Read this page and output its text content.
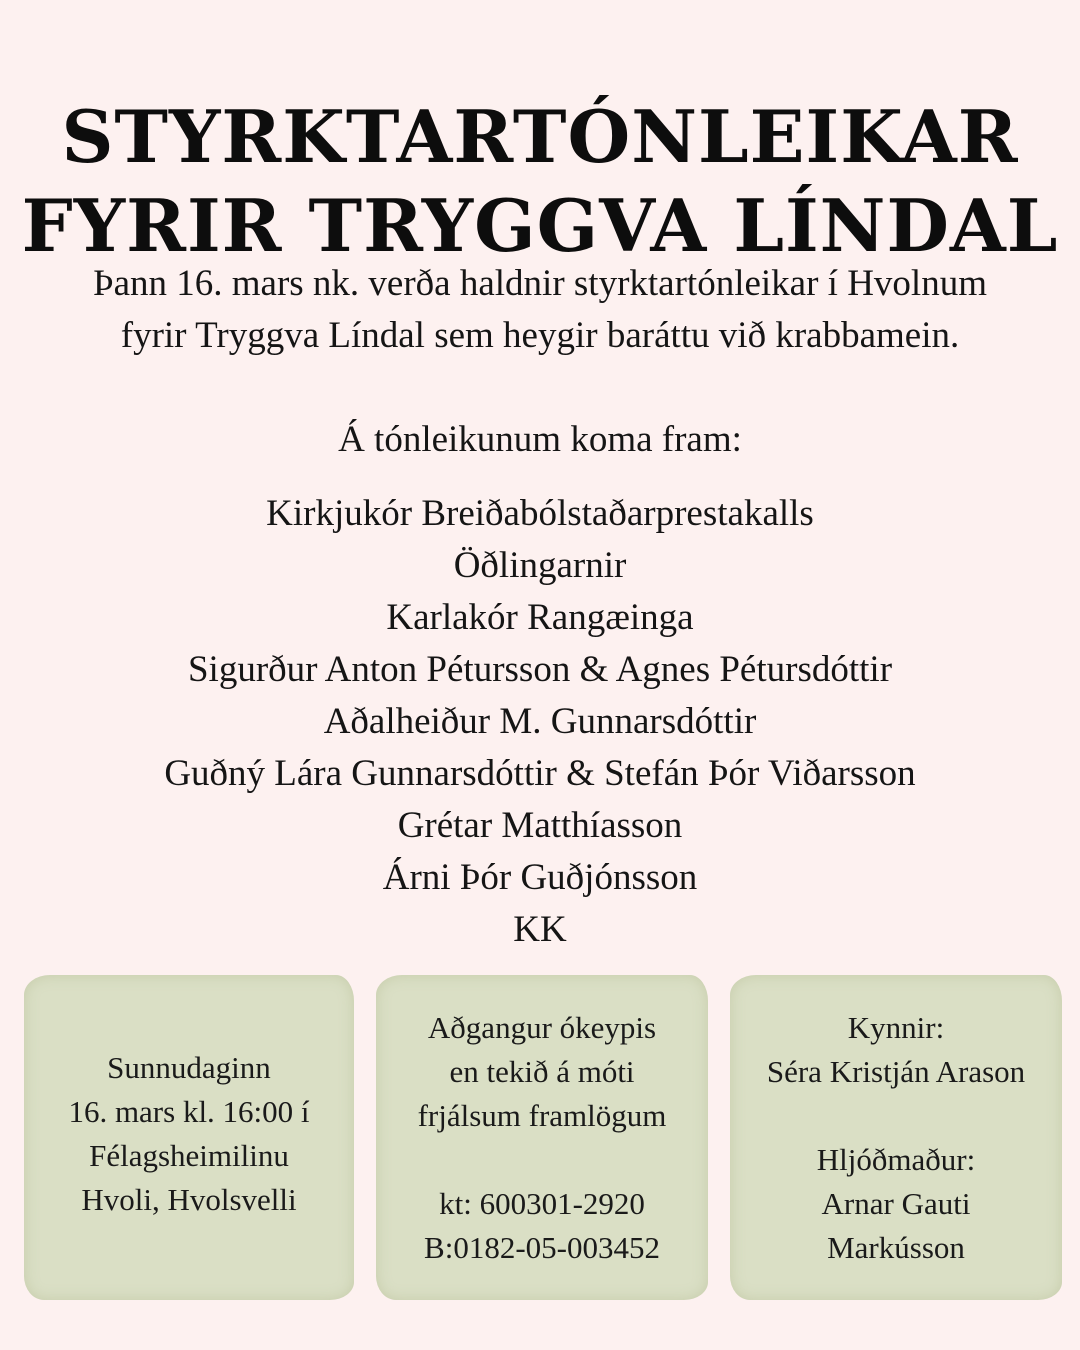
STYRKTARTÓNLEIKAR
FYRIR TRYGGVA LÍNDAL

Þann 16. mars nk. verða haldnir styrktartónleikar í Hvolnum

fyrir Tryggva Líndal sem heygir baráttu við krabbamein.

Á tónleikunum koma fram:

Kirkjukór Breiðabólstaðarprestakalls
Öðlingarnir
Karlakór Rangæinga
Sigurður Anton Pétursson & Agnes Pétursdóttir
Aðalheiður M. Gunnarsdóttir
Guðný Lára Gunnarsdóttir & Stefán Þór Viðarsson
Grétar Matthíasson
Árni Þór Guðjónsson
KK
Sunnudaginn
16. mars kl. 16:00 í
Félagsheimilinu
Hvoli, Hvolsvelli
Aðgangur ókeypis
en tekið á móti
frjálsum framlögum
kt: 600301-2920
B:0182-05-003452
Kynnir:
Séra Kristján Arason
Hljóðmaður:
Arnar Gauti
Markússon
